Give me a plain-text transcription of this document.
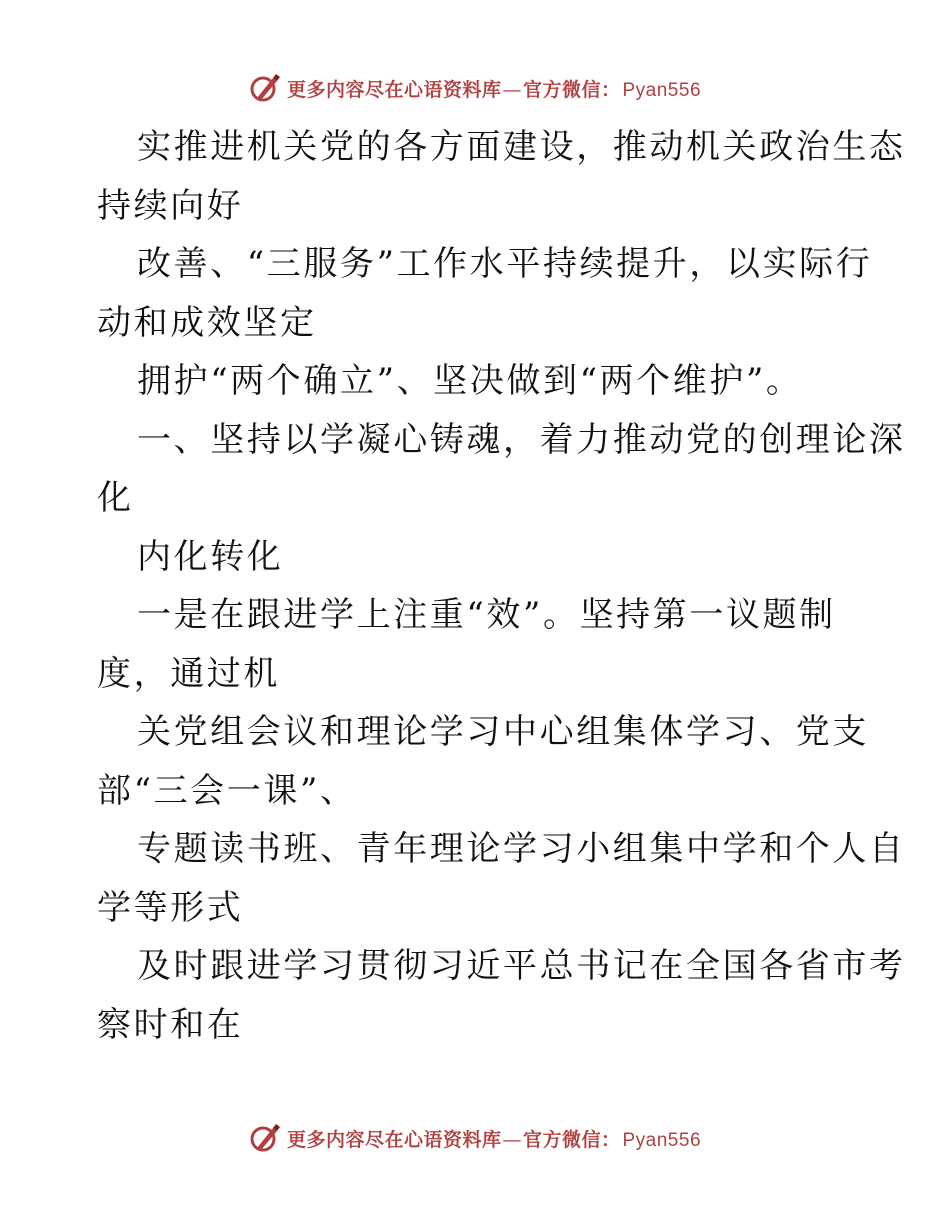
更多内容尽在心语资料库 — 官方微信： Pyan556
实推进机关党的各方面建设，推动机关政治生态
持续向好
改善、“三服务”工作水平持续提升，以实际行
动和成效坚定
拥护“两个确立”、坚决做到“两个维护”。
一、坚持以学凝心铸魂，着力推动党的创理论深
化
内化转化
一是在跟进学上注重“效”。坚持第一议题制
度，通过机
关党组会议和理论学习中心组集体学习、党支
部“三会一课”、
专题读书班、青年理论学习小组集中学和个人自
学等形式
及时跟进学习贯彻习近平总书记在全国各省市考
察时和在
更多内容尽在心语资料库 — 官方微信： Pyan556
